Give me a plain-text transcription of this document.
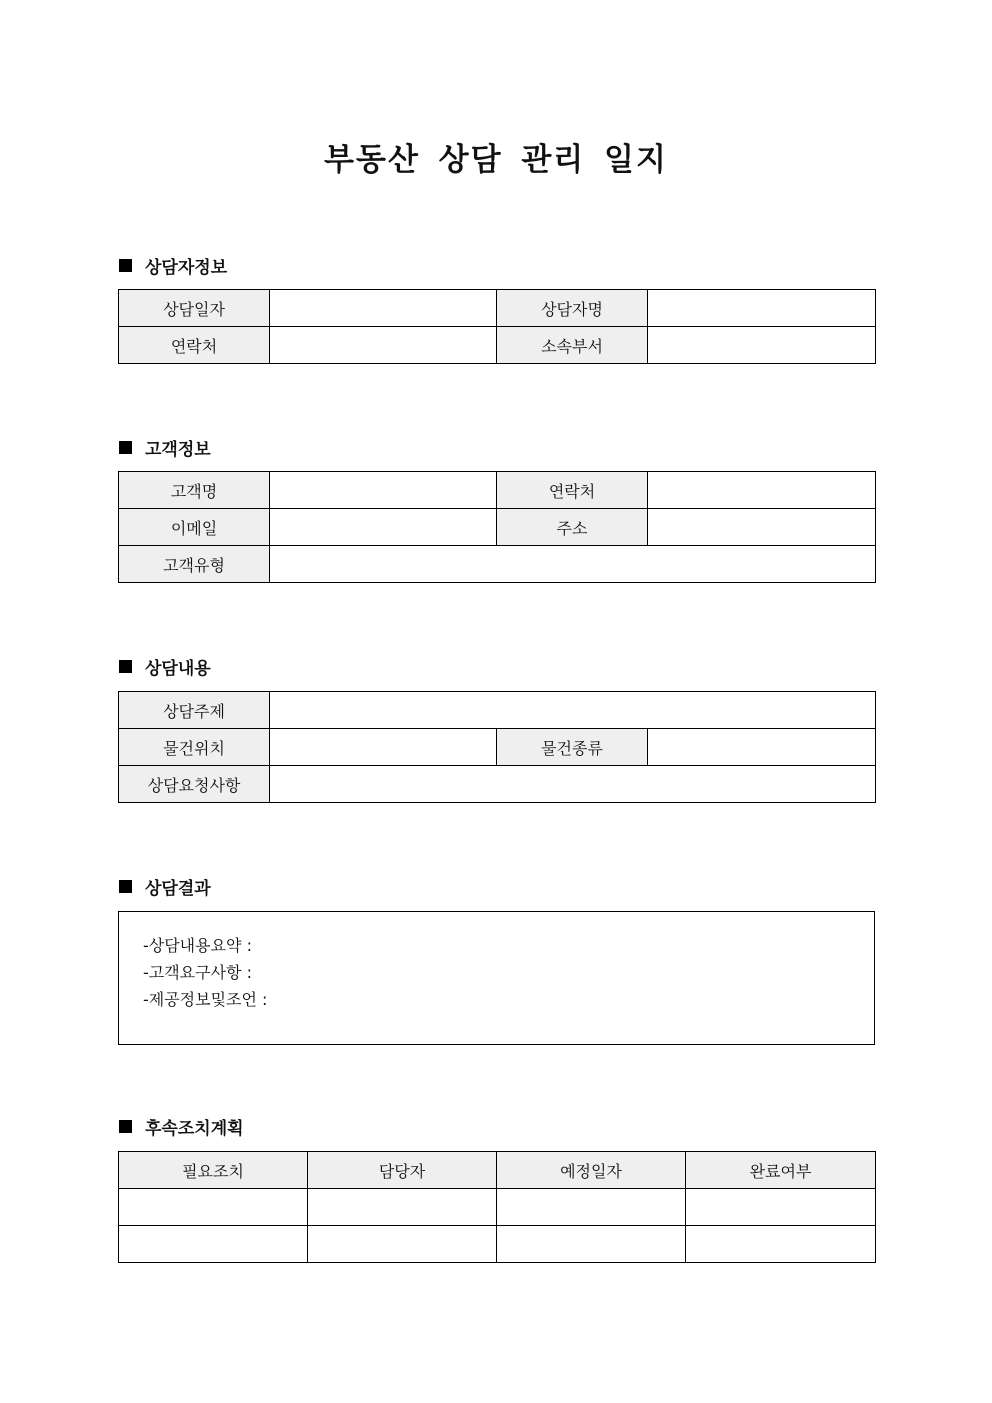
부동산 상담 관리 일지
상담자정보
상담일자		상담자명	
연락처		소속부서	
고객정보
고객명		연락처	
이메일		주소	
고객유형			
상담내용
상담주제			
물건위치		물건종류	
상담요청사항			
상담결과
-상담내용요약 :
-고객요구사항 :
-제공정보및조언 :
후속조치계획
필요조치	담당자	예정일자	완료여부
